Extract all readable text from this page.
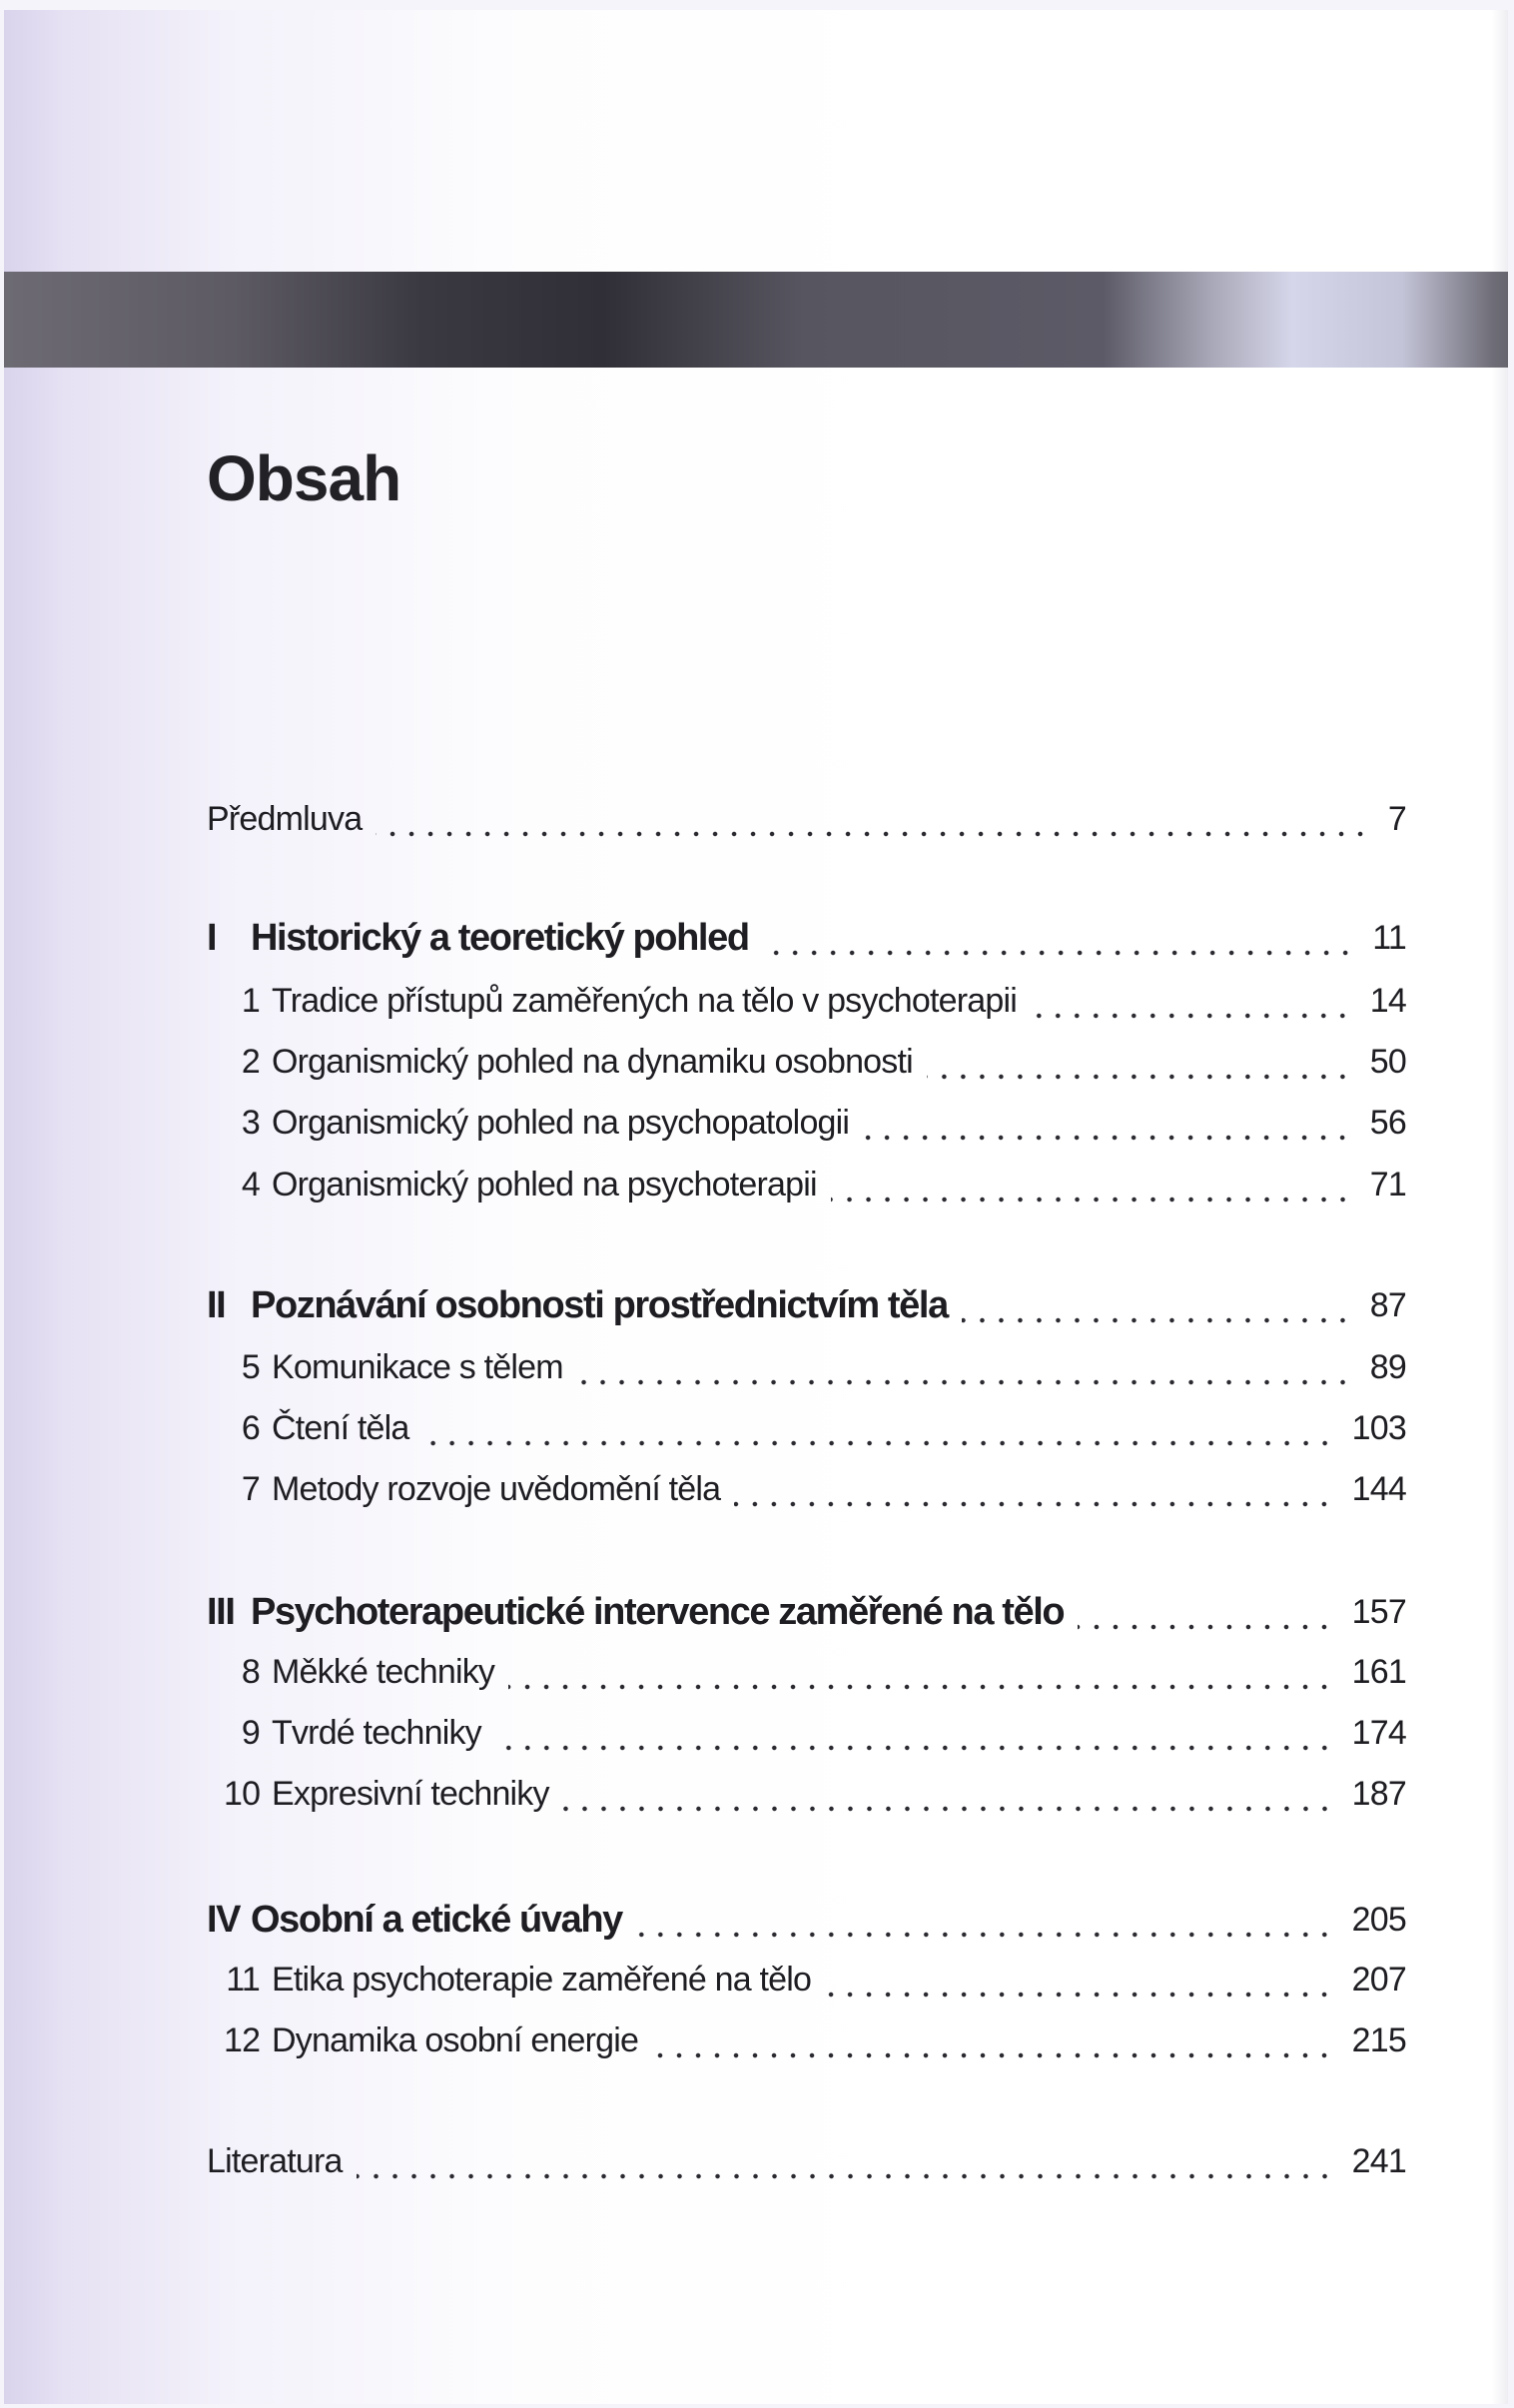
Obsah
Předmluva	7
I Historický a teoretický pohled	11
1 Tradice přístupů zaměřených na tělo v psychoterapii	14
2 Organismický pohled na dynamiku osobnosti	50
3 Organismický pohled na psychopatologii	56
4 Organismický pohled na psychoterapii	71
II Poznávání osobnosti prostřednictvím těla	87
5 Komunikace s tělem	89
6 Čtení těla	103
7 Metody rozvoje uvědomění těla	144
III Psychoterapeutické intervence zaměřené na tělo	157
8 Měkké techniky	161
9 Tvrdé techniky	174
10 Expresivní techniky	187
IV Osobní a etické úvahy	205
11 Etika psychoterapie zaměřené na tělo	207
12 Dynamika osobní energie	215
Literatura	241
